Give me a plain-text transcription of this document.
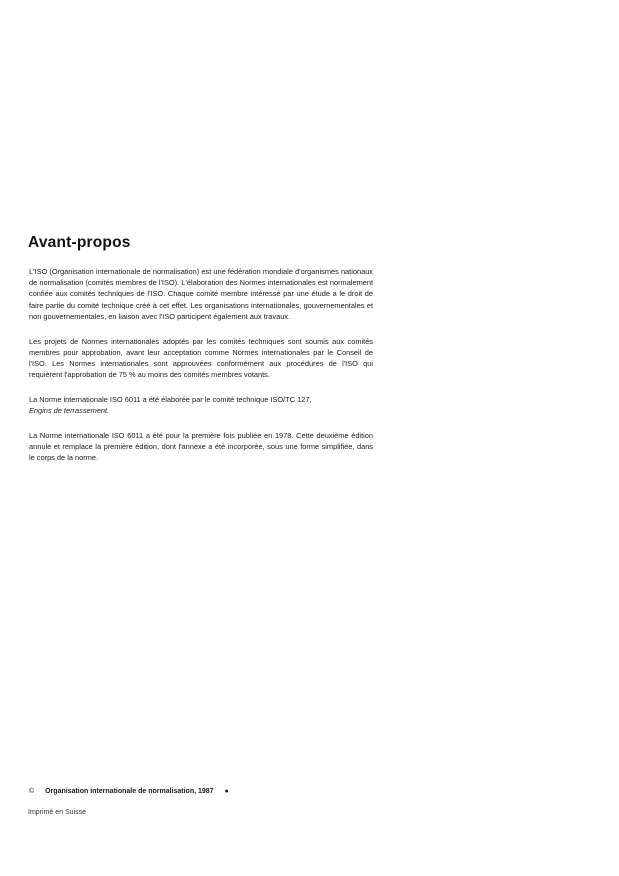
Avant-propos

L'ISO (Organisation internationale de normalisation) est une fédération mondiale d'organismes nationaux de normalisation (comités membres de l'ISO). L'élaboration des Normes internationales est normalement confiée aux comités techniques de l'ISO. Chaque comité membre intéressé par une étude a le droit de faire partie du comité technique créé à cet effet. Les organisations internationales, gouvernementales et non gouvernementales, en liaison avec l'ISO participent également aux travaux.

Les projets de Normes internationales adoptés par les comités techniques sont soumis aux comités membres pour approbation, avant leur acceptation comme Normes internationales par le Conseil de l'ISO. Les Normes internationales sont approuvées conformément aux procédures de l'ISO qui requièrent l'approbation de 75 % au moins des comités membres votants.

La Norme internationale ISO 6011 a été élaborée par le comité technique ISO/TC 127,
Engins de terrassement.

La Norme internationale ISO 6011 a été pour la première fois publiée en 1978. Cette deuxième édition annule et remplace la première édition, dont l'annexe a été incorporée, sous une forme simplifiée, dans le corps de la norme.

© Organisation internationale de normalisation, 1987 ●
Imprimé en Suisse
